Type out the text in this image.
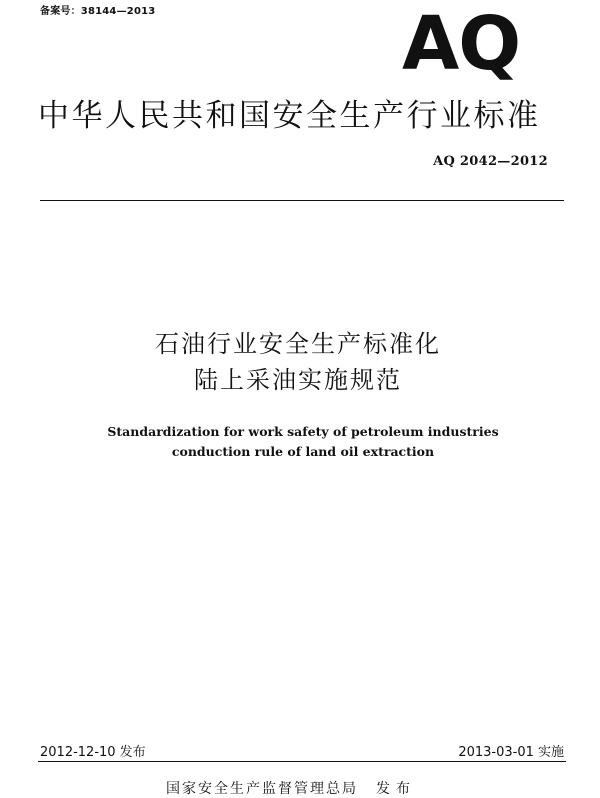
备案号：38144—2013	AQ
中华人民共和国安全生产行业标准
AQ 2042—2012
石油行业安全生产标准化
陆上采油实施规范
Standardization for work safety of petroleum industries
conduction rule of land oil extraction
2012-12-10 发布	2013-03-01 实施
国家安全生产监督管理总局 发布
